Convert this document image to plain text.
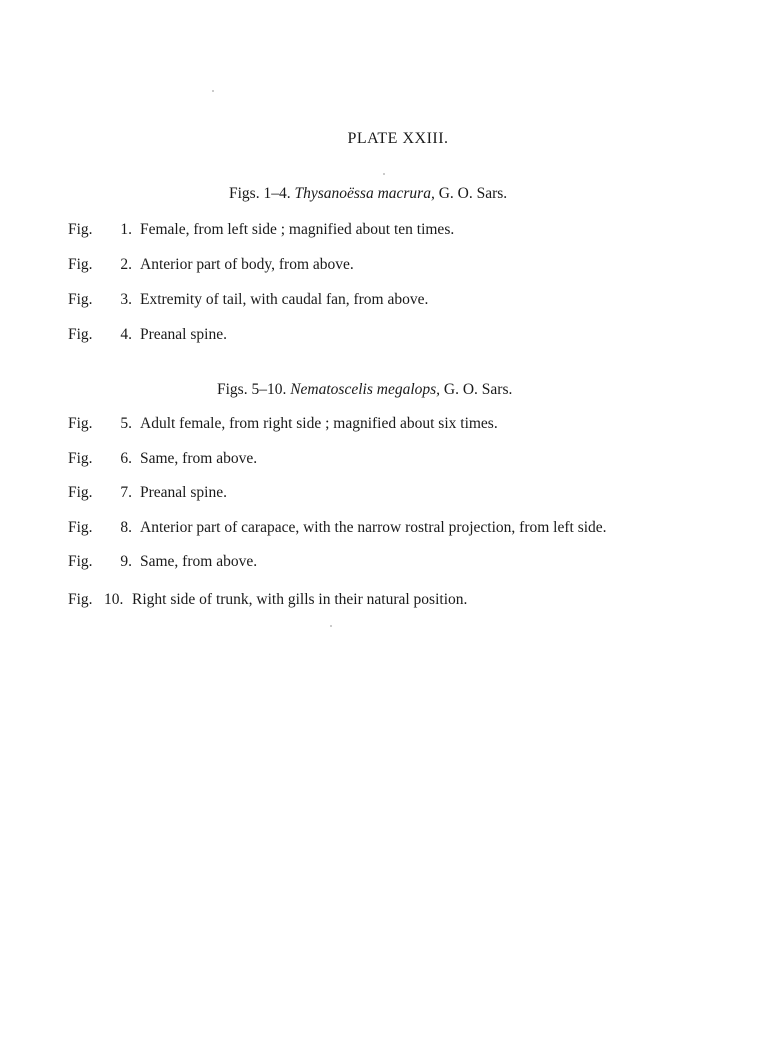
PLATE XXIII.
Figs. 1–4. Thysanoëssa macrura, G. O. Sars.
Fig.	1. Female, from left side ; magnified about ten times.
Fig.	2. Anterior part of body, from above.
Fig.	3. Extremity of tail, with caudal fan, from above.
Fig.	4. Preanal spine.
Figs. 5–10. Nematoscelis megalops, G. O. Sars.
Fig.	5. Adult female, from right side ; magnified about six times.
Fig.	6. Same, from above.
Fig.	7. Preanal spine.
Fig.	8. Anterior part of carapace, with the narrow rostral projection, from left side.
Fig.	9. Same, from above.
Fig. 10. Right side of trunk, with gills in their natural position.
